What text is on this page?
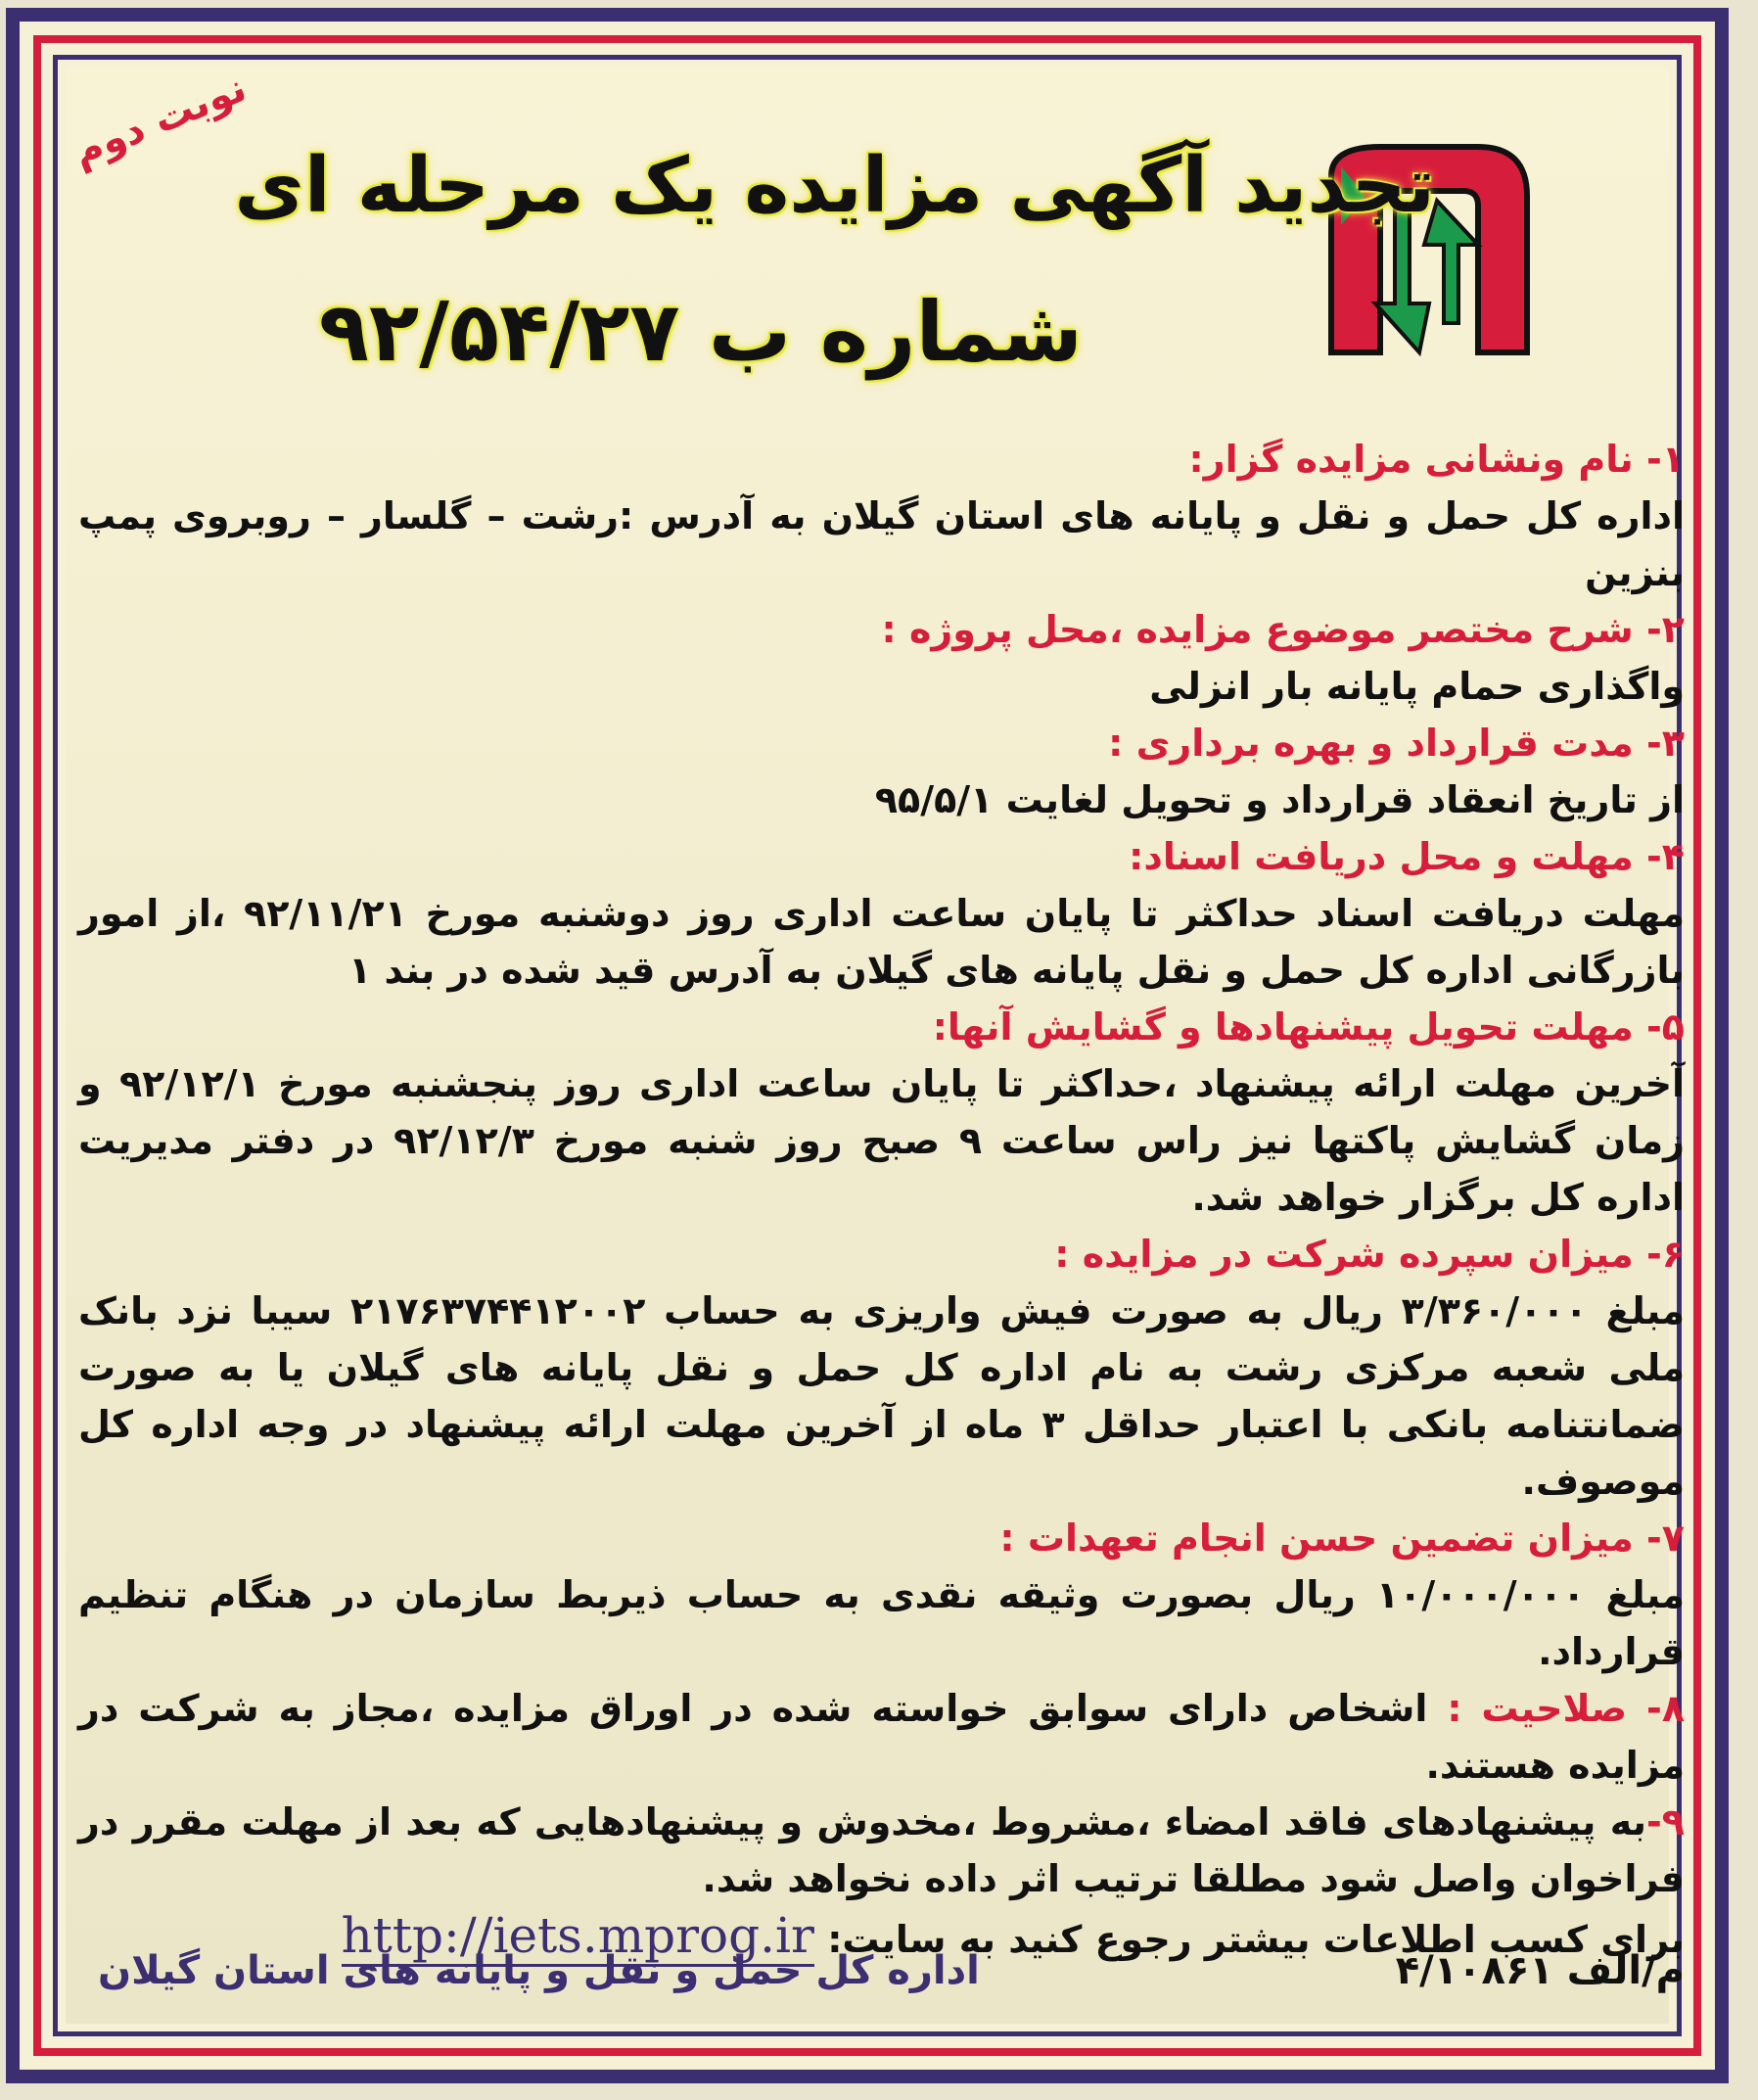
نوبت دوم
تجدید آگهی مزایده یک مرحله ای
شماره ب ۹۲/۵۴/۲۷
۱- نام ونشانی مزایده گزار:
اداره کل حمل و نقل و پایانه های استان گیلان به آدرس :رشت – گلسار – روبروی پمپ بنزین
۲- شرح مختصر موضوع مزایده ،محل پروژه :
واگذاری حمام پایانه بار انزلی
۳- مدت قرارداد و بهره برداری :
از تاریخ انعقاد قرارداد و تحویل لغایت ۹۵/۵/۱
۴- مهلت و محل دریافت اسناد:
مهلت دریافت اسناد حداکثر تا پایان ساعت اداری روز دوشنبه مورخ ۹۲/۱۱/۲۱ ،از امور بازرگانی اداره کل حمل و نقل پایانه های گیلان به آدرس قید شده در بند ۱
۵- مهلت تحویل پیشنهادها و گشایش آنها:
آخرین مهلت ارائه پیشنهاد ،حداکثر تا پایان ساعت اداری روز پنجشنبه مورخ ۹۲/۱۲/۱ و زمان گشایش پاکتها نیز راس ساعت ۹ صبح روز شنبه مورخ ۹۲/۱۲/۳ در دفتر مدیریت اداره کل برگزار خواهد شد.
۶- میزان سپرده شرکت در مزایده :
مبلغ ۳/۳۶۰/۰۰۰ ریال به صورت فیش واریزی به حساب ۲۱۷۶۳۷۴۴۱۲۰۰۲ سیبا نزد بانک ملی شعبه مرکزی رشت به نام اداره کل حمل و نقل پایانه های گیلان یا به صورت ضمانتنامه بانکی با اعتبار حداقل ۳ ماه از آخرین مهلت ارائه پیشنهاد در وجه اداره کل موصوف.
۷- میزان تضمین حسن انجام تعهدات :
مبلغ ۱۰/۰۰۰/۰۰۰ ریال بصورت وثیقه نقدی به حساب ذیربط سازمان در هنگام تنظیم قرارداد.
۸- صلاحیت : اشخاص دارای سوابق خواسته شده در اوراق مزایده ،مجاز به شرکت در مزایده هستند.
۹-به پیشنهادهای فاقد امضاء ،مشروط ،مخدوش و پیشنهادهایی که بعد از مهلت مقرر در فراخوان واصل شود مطلقا ترتیب اثر داده نخواهد شد.
برای کسب اطلاعات بیشتر رجوع کنید به سایت: http://iets.mprog.ir
م/الف ۴/۱۰۸۶۱
اداره کل حمل و نقل و پایانه های استان گیلان
